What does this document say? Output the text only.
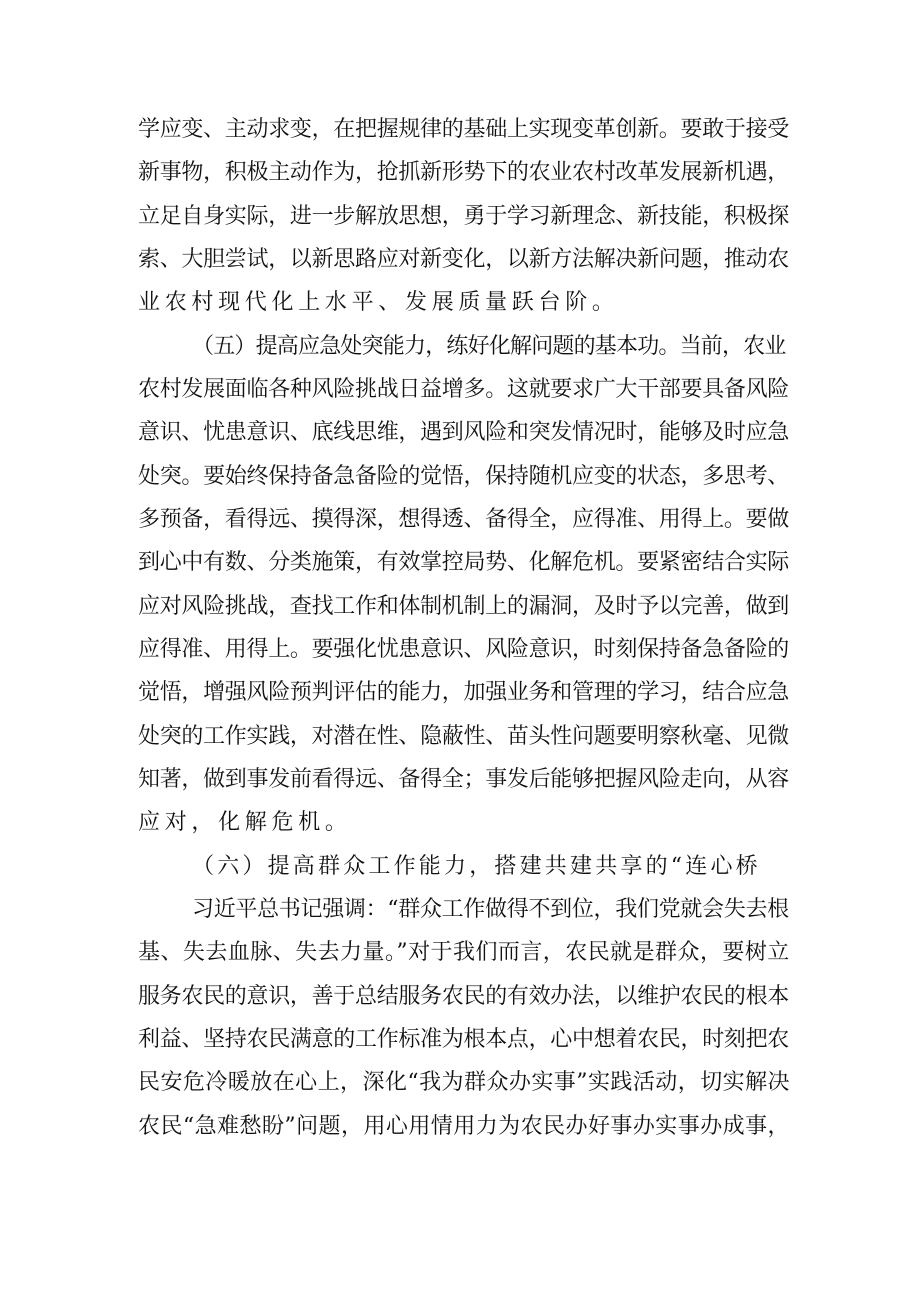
学应变、主动求变，在把握规律的基础上实现变革创新。要敢于接受
新事物，积极主动作为，抢抓新形势下的农业农村改革发展新机遇，
立足自身实际，进一步解放思想，勇于学习新理念、新技能，积极探
索、大胆尝试，以新思路应对新变化，以新方法解决新问题，推动农
业农村现代化上水平、发展质量跃台阶。
（五）提高应急处突能力，练好化解问题的基本功。当前，农业
农村发展面临各种风险挑战日益增多。这就要求广大干部要具备风险
意识、忧患意识、底线思维，遇到风险和突发情况时，能够及时应急
处突。要始终保持备急备险的觉悟，保持随机应变的状态，多思考、
多预备，看得远、摸得深，想得透、备得全，应得准、用得上。要做
到心中有数、分类施策，有效掌控局势、化解危机。要紧密结合实际
应对风险挑战，查找工作和体制机制上的漏洞，及时予以完善，做到
应得准、用得上。要强化忧患意识、风险意识，时刻保持备急备险的
觉悟，增强风险预判评估的能力，加强业务和管理的学习，结合应急
处突的工作实践，对潜在性、隐蔽性、苗头性问题要明察秋毫、见微
知著，做到事发前看得远、备得全；事发后能够把握风险走向，从容
应对，化解危机。
（六）提高群众工作能力，搭建共建共享的“连心桥
习近平总书记强调：“群众工作做得不到位，我们党就会失去根
基、失去血脉、失去力量。”对于我们而言，农民就是群众，要树立
服务农民的意识，善于总结服务农民的有效办法，以维护农民的根本
利益、坚持农民满意的工作标准为根本点，心中想着农民，时刻把农
民安危冷暖放在心上，深化“我为群众办实事”实践活动，切实解决
农民“急难愁盼”问题，用心用情用力为农民办好事办实事办成事，
